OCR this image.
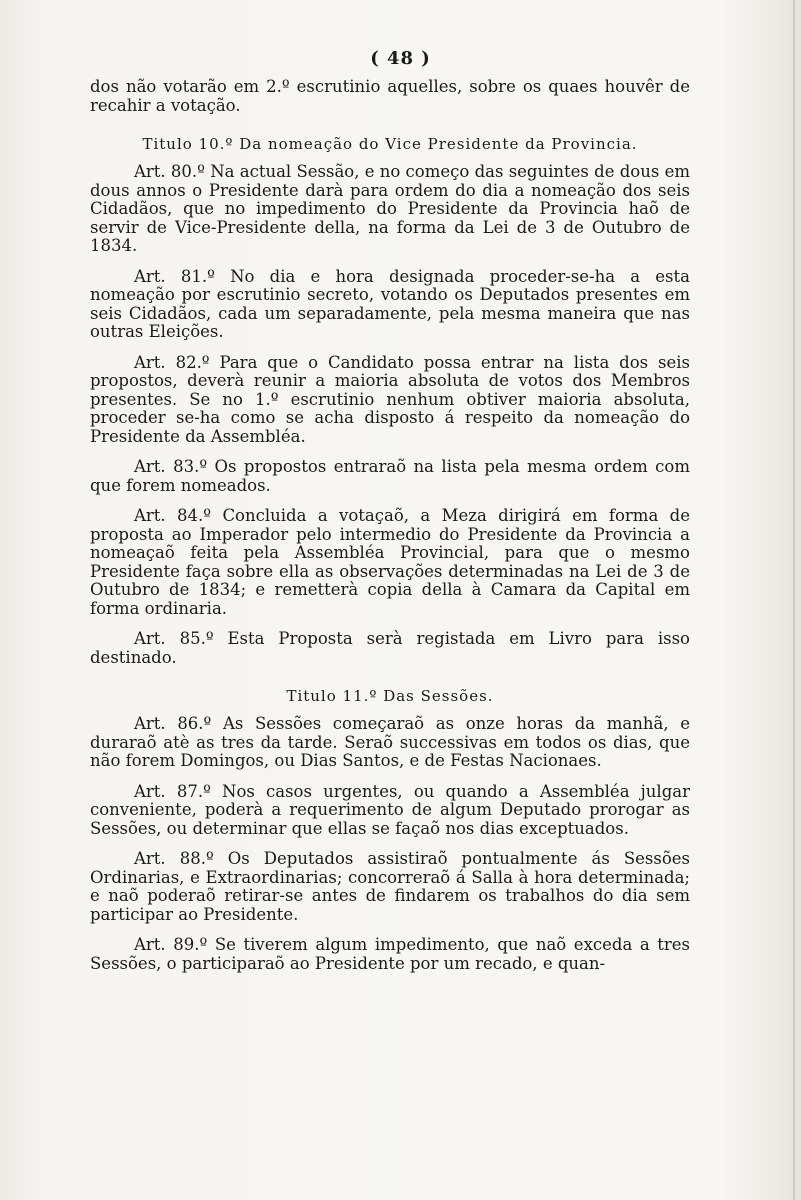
( 48 )

dos não votarão em 2.º escrutinio aquelles, sobre os quaes houvêr de recahir a votação.

Titulo 10.º Da nomeação do Vice Presidente da Provincia.

Art. 80.º Na actual Sessão, e no começo das seguintes de dous em dous annos o Presidente darà para ordem do dia a nomeação dos seis Cidadãos, que no impedimento do Presidente da Provincia haõ de servir de Vice-Presidente della, na forma da Lei de 3 de Outubro de 1834.

Art. 81.º No dia e hora designada proceder-se-ha a esta nomeação por escrutinio secreto, votando os Deputados presentes em seis Cidadãos, cada um separadamente, pela mesma maneira que nas outras Eleições.

Art. 82.º Para que o Candidato possa entrar na lista dos seis propostos, deverà reunir a maioria absoluta de votos dos Membros presentes. Se no 1.º escrutinio nenhum obtiver maioria absoluta, proceder se-ha como se acha disposto á respeito da nomeação do Presidente da Assembléa.

Art. 83.º Os propostos entraraõ na lista pela mesma ordem com que forem nomeados.

Art. 84.º Concluida a votaçaõ, a Meza dirigirá em forma de proposta ao Imperador pelo intermedio do Presidente da Provincia a nomeaçaõ feita pela Assembléa Provincial, para que o mesmo Presidente faça sobre ella as observações determinadas na Lei de 3 de Outubro de 1834; e remetterà copia della à Camara da Capital em forma ordinaria.

Art. 85.º Esta Proposta serà registada em Livro para isso destinado.

Titulo 11.º Das Sessões.

Art. 86.º As Sessões começaraõ as onze horas da manhã, e duraraõ atè as tres da tarde. Seraõ successivas em todos os dias, que não forem Domingos, ou Dias Santos, e de Festas Nacionaes.

Art. 87.º Nos casos urgentes, ou quando a Assembléa julgar conveniente, poderà a requerimento de algum Deputado prorogar as Sessões, ou determinar que ellas se façaõ nos dias exceptuados.

Art. 88.º Os Deputados assistiraõ pontualmente ás Sessões Ordinarias, e Extraordinarias; concorreraõ á Salla à hora determinada; e naõ poderaõ retirar-se antes de findarem os trabalhos do dia sem participar ao Presidente.

Art. 89.º Se tiverem algum impedimento, que naõ exceda a tres Sessões, o participaraõ ao Presidente por um recado, e quan-
